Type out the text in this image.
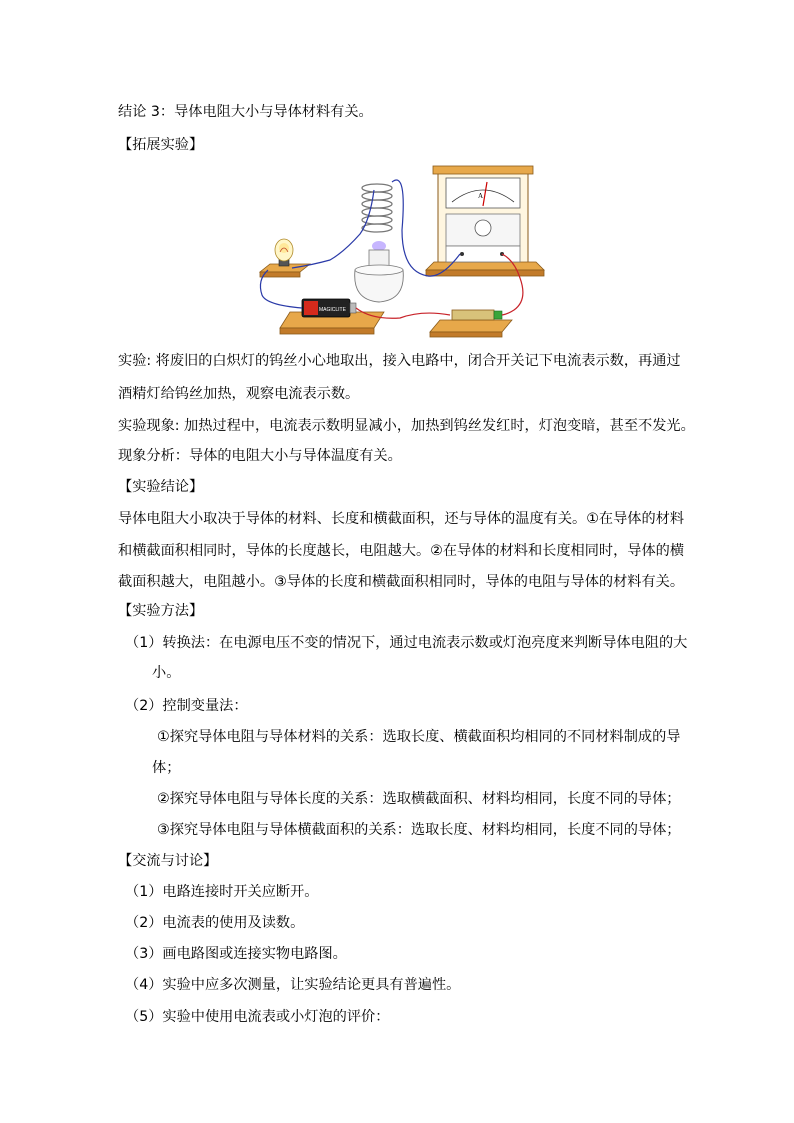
结论 3：导体电阻大小与导体材料有关。
【拓展实验】
A
MAGICLITE
实验: 将废旧的白炽灯的钨丝小心地取出，接入电路中，闭合开关记下电流表示数，再通过
酒精灯给钨丝加热，观察电流表示数。
实验现象: 加热过程中，电流表示数明显减小，加热到钨丝发红时，灯泡变暗，甚至不发光。
现象分析：导体的电阻大小与导体温度有关。
【实验结论】
导体电阻大小取决于导体的材料、长度和横截面积，还与导体的温度有关。①在导体的材料
和横截面积相同时，导体的长度越长，电阻越大。②在导体的材料和长度相同时，导体的横
截面积越大，电阻越小。③导体的长度和横截面积相同时，导体的电阻与导体的材料有关。
【实验方法】
（1）转换法：在电源电压不变的情况下，通过电流表示数或灯泡亮度来判断导体电阻的大
小。
（2）控制变量法：
①探究导体电阻与导体材料的关系：选取长度、横截面积均相同的不同材料制成的导
体；
②探究导体电阻与导体长度的关系：选取横截面积、材料均相同，长度不同的导体；
③探究导体电阻与导体横截面积的关系：选取长度、材料均相同，长度不同的导体；
【交流与讨论】
（1）电路连接时开关应断开。
（2）电流表的使用及读数。
（3）画电路图或连接实物电路图。
（4）实验中应多次测量，让实验结论更具有普遍性。
（5）实验中使用电流表或小灯泡的评价：
